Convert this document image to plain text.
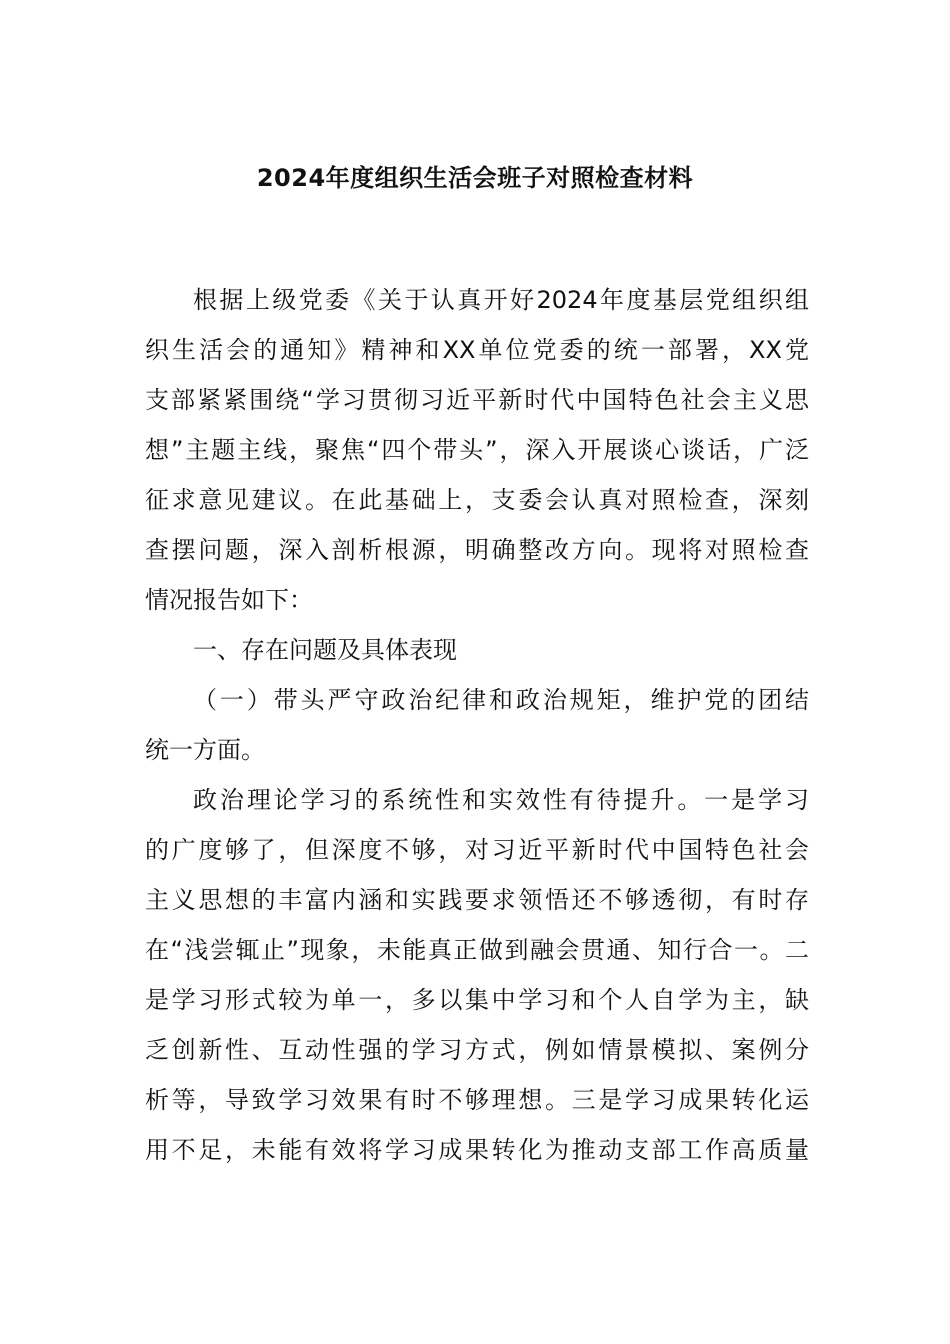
2024年度组织生活会班子对照检查材料
根据上级党委《关于认真开好2024年度基层党组织组
织生活会的通知》精神和XX单位党委的统一部署，XX党
支部紧紧围绕“学习贯彻习近平新时代中国特色社会主义思
想”主题主线，聚焦“四个带头”，深入开展谈心谈话，广泛
征求意见建议。在此基础上，支委会认真对照检查，深刻
查摆问题，深入剖析根源，明确整改方向。现将对照检查
情况报告如下：
一、存在问题及具体表现
（一）带头严守政治纪律和政治规矩，维护党的团结
统一方面。
政治理论学习的系统性和实效性有待提升。一是学习
的广度够了，但深度不够，对习近平新时代中国特色社会
主义思想的丰富内涵和实践要求领悟还不够透彻，有时存
在“浅尝辄止”现象，未能真正做到融会贯通、知行合一。二
是学习形式较为单一，多以集中学习和个人自学为主，缺
乏创新性、互动性强的学习方式，例如情景模拟、案例分
析等，导致学习效果有时不够理想。三是学习成果转化运
用不足，未能有效将学习成果转化为推动支部工作高质量
